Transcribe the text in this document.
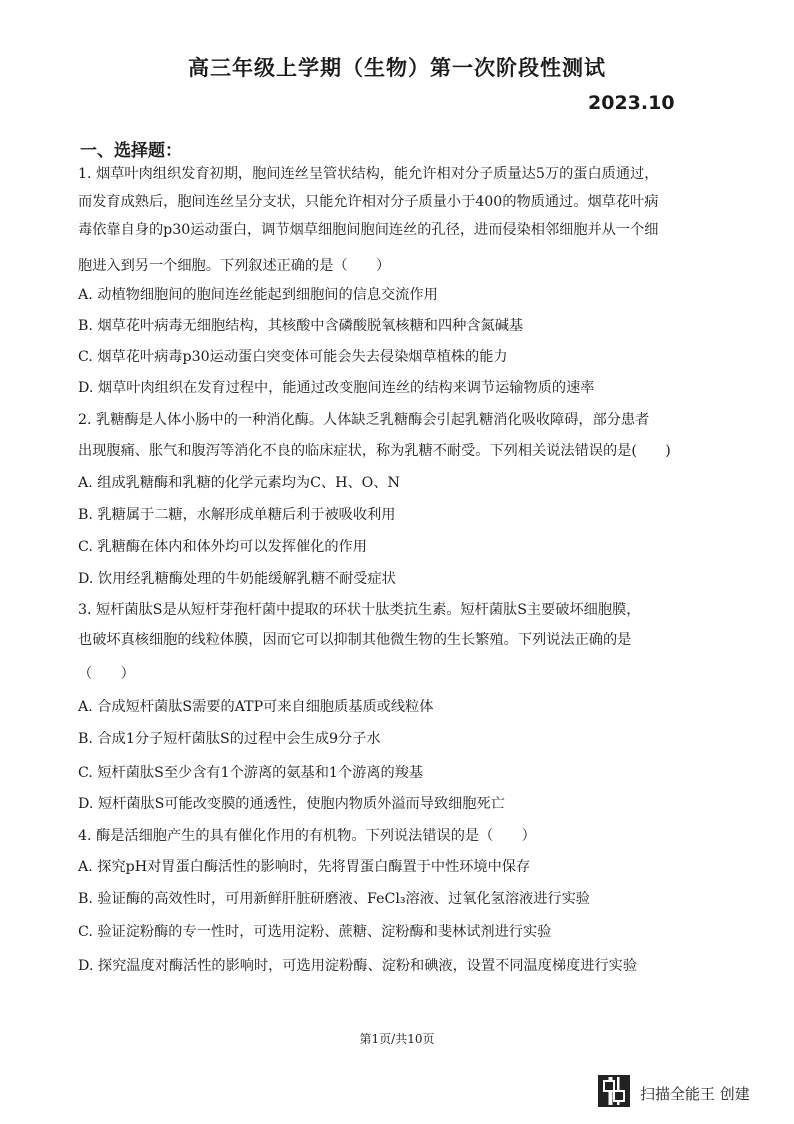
高三年级上学期（生物）第一次阶段性测试
2023.10
一、选择题：
1. 烟草叶肉组织发育初期，胞间连丝呈管状结构，能允许相对分子质量达5万的蛋白质通过，
而发育成熟后，胞间连丝呈分支状，只能允许相对分子质量小于400的物质通过。烟草花叶病
毒依靠自身的p30运动蛋白，调节烟草细胞间胞间连丝的孔径，进而侵染相邻细胞并从一个细
胞进入到另一个细胞。下列叙述正确的是（　　）
A. 动植物细胞间的胞间连丝能起到细胞间的信息交流作用
B. 烟草花叶病毒无细胞结构，其核酸中含磷酸脱氧核糖和四种含氮碱基
C. 烟草花叶病毒p30运动蛋白突变体可能会失去侵染烟草植株的能力
D. 烟草叶肉组织在发育过程中，能通过改变胞间连丝的结构来调节运输物质的速率
2. 乳糖酶是人体小肠中的一种消化酶。人体缺乏乳糖酶会引起乳糖消化吸收障碍，部分患者
出现腹痛、胀气和腹泻等消化不良的临床症状，称为乳糖不耐受。下列相关说法错误的是(　　)
A. 组成乳糖酶和乳糖的化学元素均为C、H、O、N
B. 乳糖属于二糖，水解形成单糖后利于被吸收利用
C. 乳糖酶在体内和体外均可以发挥催化的作用
D. 饮用经乳糖酶处理的牛奶能缓解乳糖不耐受症状
3. 短杆菌肽S是从短杆芽孢杆菌中提取的环状十肽类抗生素。短杆菌肽S主要破坏细胞膜，
也破坏真核细胞的线粒体膜，因而它可以抑制其他微生物的生长繁殖。下列说法正确的是
（　　）
A. 合成短杆菌肽S需要的ATP可来自细胞质基质或线粒体
B. 合成1分子短杆菌肽S的过程中会生成9分子水
C. 短杆菌肽S至少含有1个游离的氨基和1个游离的羧基
D. 短杆菌肽S可能改变膜的通透性，使胞内物质外溢而导致细胞死亡
4. 酶是活细胞产生的具有催化作用的有机物。下列说法错误的是（　　）
A. 探究pH对胃蛋白酶活性的影响时，先将胃蛋白酶置于中性环境中保存
B. 验证酶的高效性时，可用新鲜肝脏研磨液、FeCl₃溶液、过氧化氢溶液进行实验
C. 验证淀粉酶的专一性时，可选用淀粉、蔗糖、淀粉酶和斐林试剂进行实验
D. 探究温度对酶活性的影响时，可选用淀粉酶、淀粉和碘液，设置不同温度梯度进行实验
第1页/共10页
扫描全能王 创建
